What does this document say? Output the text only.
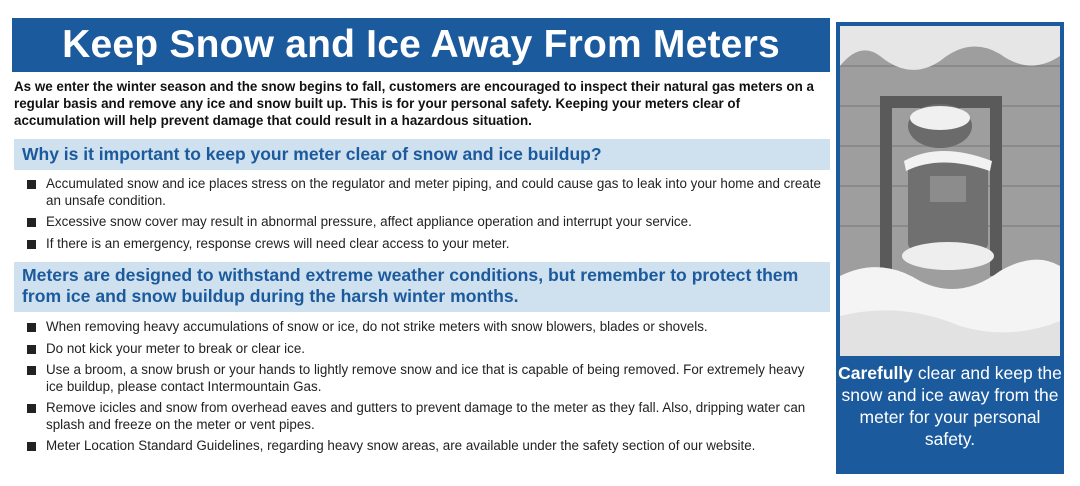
Keep Snow and Ice Away From Meters

As we enter the winter season and the snow begins to fall, customers are encouraged to inspect their natural gas meters on a regular basis and remove any ice and snow built up. This is for your personal safety. Keeping your meters clear of accumulation will help prevent damage that could result in a hazardous situation.

Why is it important to keep your meter clear of snow and ice buildup?
Accumulated snow and ice places stress on the regulator and meter piping, and could cause gas to leak into your home and create an unsafe condition.
Excessive snow cover may result in abnormal pressure, affect appliance operation and interrupt your service.
If there is an emergency, response crews will need clear access to your meter.
Meters are designed to withstand extreme weather conditions, but remember to protect them from ice and snow buildup during the harsh winter months.
When removing heavy accumulations of snow or ice, do not strike meters with snow blowers, blades or shovels.
Do not kick your meter to break or clear ice.
Use a broom, a snow brush or your hands to lightly remove snow and ice that is capable of being removed. For extremely heavy ice buildup, please contact Intermountain Gas.
Remove icicles and snow from overhead eaves and gutters to prevent damage to the meter as they fall. Also, dripping water can splash and freeze on the meter or vent pipes.
Meter Location Standard Guidelines, regarding heavy snow areas, are available under the safety section of our website.
Carefully clear and keep the snow and ice away from the meter for your personal safety.
